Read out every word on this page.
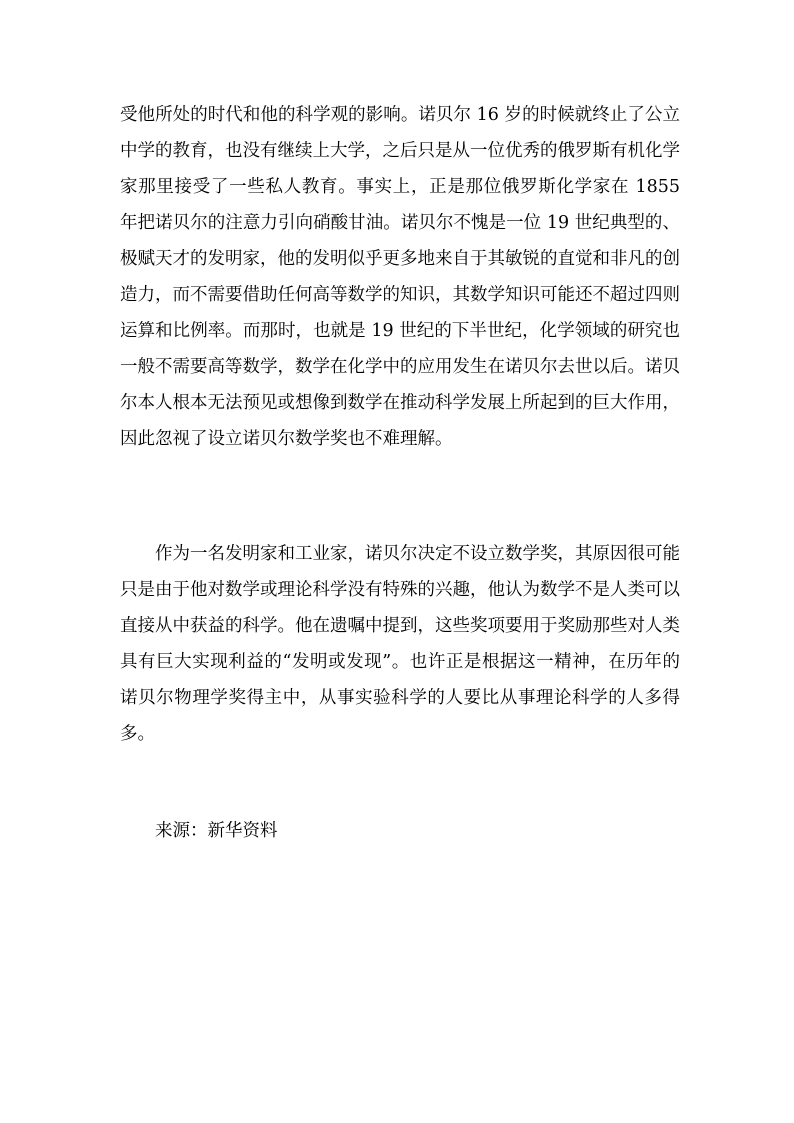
受他所处的时代和他的科学观的影响。诺贝尔 16 岁的时候就终止了公立中学的教育，也没有继续上大学，之后只是从一位优秀的俄罗斯有机化学家那里接受了一些私人教育。事实上，正是那位俄罗斯化学家在 1855 年把诺贝尔的注意力引向硝酸甘油。诺贝尔不愧是一位 19 世纪典型的、极赋天才的发明家，他的发明似乎更多地来自于其敏锐的直觉和非凡的创造力，而不需要借助任何高等数学的知识，其数学知识可能还不超过四则运算和比例率。而那时，也就是 19 世纪的下半世纪，化学领域的研究也一般不需要高等数学，数学在化学中的应用发生在诺贝尔去世以后。诺贝尔本人根本无法预见或想像到数学在推动科学发展上所起到的巨大作用，因此忽视了设立诺贝尔数学奖也不难理解。

作为一名发明家和工业家，诺贝尔决定不设立数学奖，其原因很可能只是由于他对数学或理论科学没有特殊的兴趣，他认为数学不是人类可以直接从中获益的科学。他在遗嘱中提到，这些奖项要用于奖励那些对人类具有巨大实现利益的“发明或发现”。也许正是根据这一精神，在历年的诺贝尔物理学奖得主中，从事实验科学的人要比从事理论科学的人多得多。

来源：新华资料
